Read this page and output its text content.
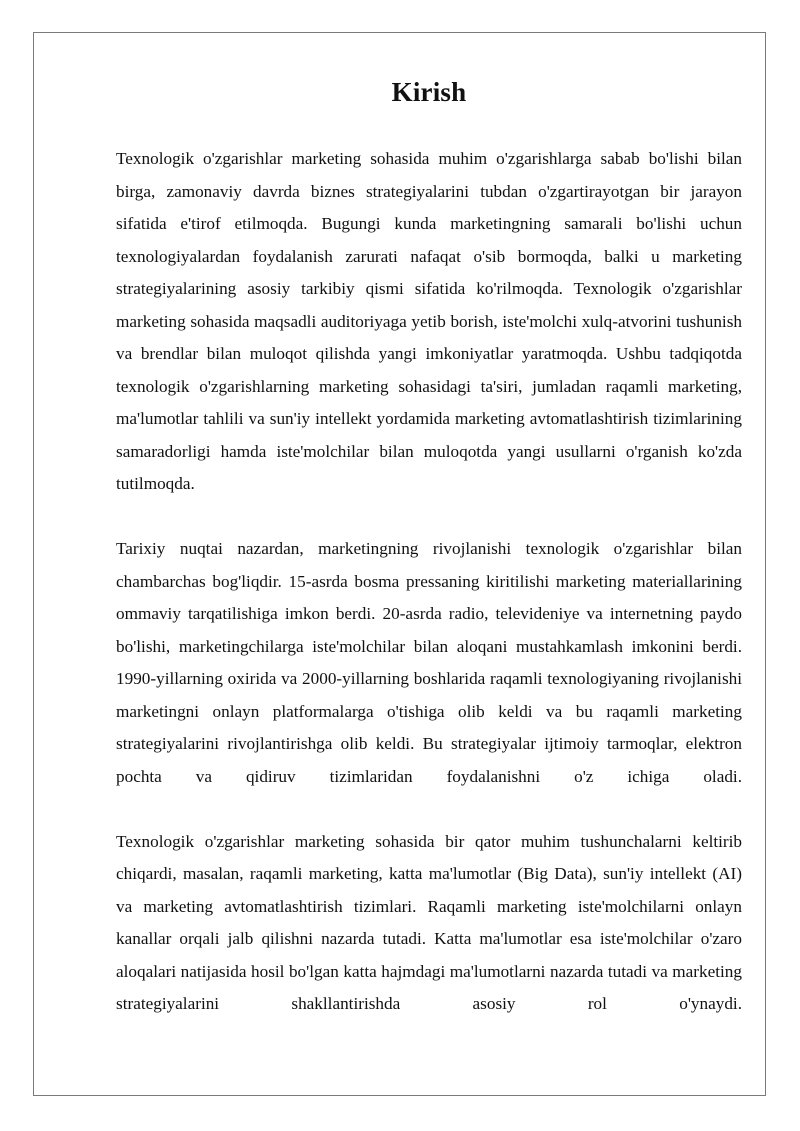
Kirish

Texnologik o'zgarishlar marketing sohasida muhim o'zgarishlarga sabab bo'lishi bilan birga, zamonaviy davrda biznes strategiyalarini tubdan o'zgartirayotgan bir jarayon sifatida e'tirof etilmoqda. Bugungi kunda marketingning samarali bo'lishi uchun texnologiyalardan foydalanish zarurati nafaqat o'sib bormoqda, balki u marketing strategiyalarining asosiy tarkibiy qismi sifatida ko'rilmoqda. Texnologik o'zgarishlar marketing sohasida maqsadli auditoriyaga yetib borish, iste'molchi xulq-atvorini tushunish va brendlar bilan muloqot qilishda yangi imkoniyatlar yaratmoqda. Ushbu tadqiqotda texnologik o'zgarishlarning marketing sohasidagi ta'siri, jumladan raqamli marketing, ma'lumotlar tahlili va sun'iy intellekt yordamida marketing avtomatlashtirish tizimlarining samaradorligi hamda iste'molchilar bilan muloqotda yangi usullarni o'rganish ko'zda tutilmoqda.

Tarixiy nuqtai nazardan, marketingning rivojlanishi texnologik o'zgarishlar bilan chambarchas bog'liqdir. 15-asrda bosma pressaning kiritilishi marketing materiallarining ommaviy tarqatilishiga imkon berdi. 20-asrda radio, televideniye va internetning paydo bo'lishi, marketingchilarga iste'molchilar bilan aloqani mustahkamlash imkonini berdi. 1990-yillarning oxirida va 2000-yillarning boshlarida raqamli texnologiyaning rivojlanishi marketingni onlayn platformalarga o'tishiga olib keldi va bu raqamli marketing strategiyalarini rivojlantirishga olib keldi. Bu strategiyalar ijtimoiy tarmoqlar, elektron pochta va qidiruv tizimlaridan foydalanishni o'z ichiga oladi.

Texnologik o'zgarishlar marketing sohasida bir qator muhim tushunchalarni keltirib chiqardi, masalan, raqamli marketing, katta ma'lumotlar (Big Data), sun'iy intellekt (AI) va marketing avtomatlashtirish tizimlari. Raqamli marketing iste'molchilarni onlayn kanallar orqali jalb qilishni nazarda tutadi. Katta ma'lumotlar esa iste'molchilar o'zaro aloqalari natijasida hosil bo'lgan katta hajmdagi ma'lumotlarni nazarda tutadi va marketing strategiyalarini shakllantirishda asosiy rol o'ynaydi.
